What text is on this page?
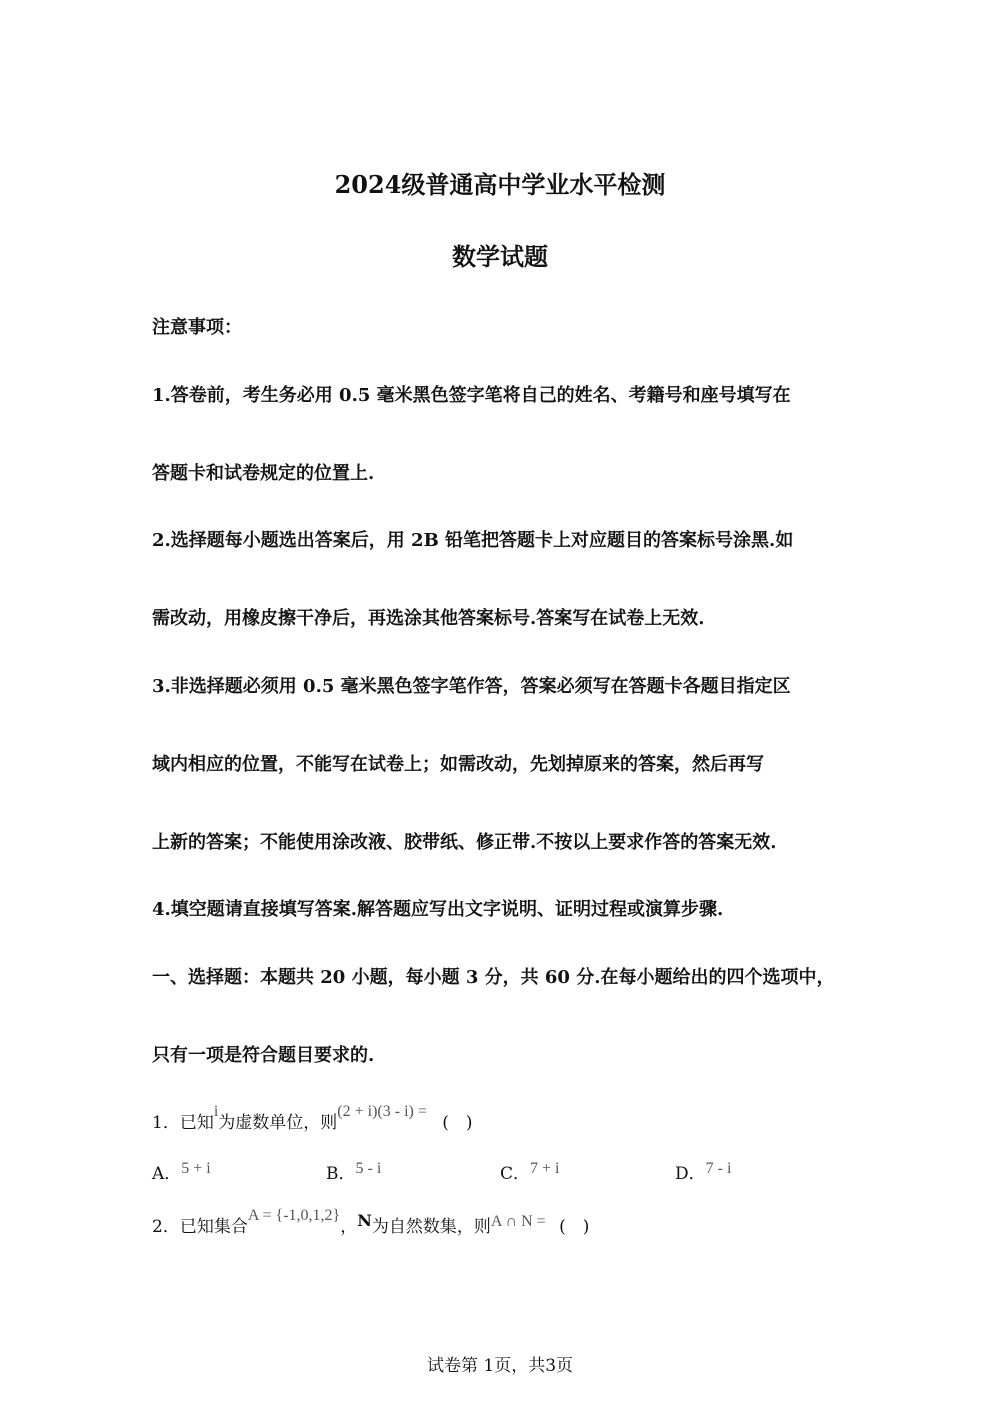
2024级普通高中学业水平检测
数学试题
注意事项：
1.答卷前，考生务必用 0.5 毫米黑色签字笔将自己的姓名、考籍号和座号填写在
答题卡和试卷规定的位置上.
2.选择题每小题选出答案后，用 2B 铅笔把答题卡上对应题目的答案标号涂黑.如
需改动，用橡皮擦干净后，再选涂其他答案标号.答案写在试卷上无效.
3.非选择题必须用 0.5 毫米黑色签字笔作答，答案必须写在答题卡各题目指定区
域内相应的位置，不能写在试卷上；如需改动，先划掉原来的答案，然后再写
上新的答案；不能使用涂改液、胶带纸、修正带.不按以上要求作答的答案无效.
4.填空题请直接填写答案.解答题应写出文字说明、证明过程或演算步骤.
一、选择题：本题共 20 小题，每小题 3 分，共 60 分.在每小题给出的四个选项中，
只有一项是符合题目要求的.
1．已知i为虚数单位，则(2 + i)(3 - i) = (　)
A．5 + i	B．5 - i	C．7 + i	D．7 - i
2．已知集合A = {-1,0,1,2}，N为自然数集，则A ∩ N = (　)
试卷第 1页，共3页
